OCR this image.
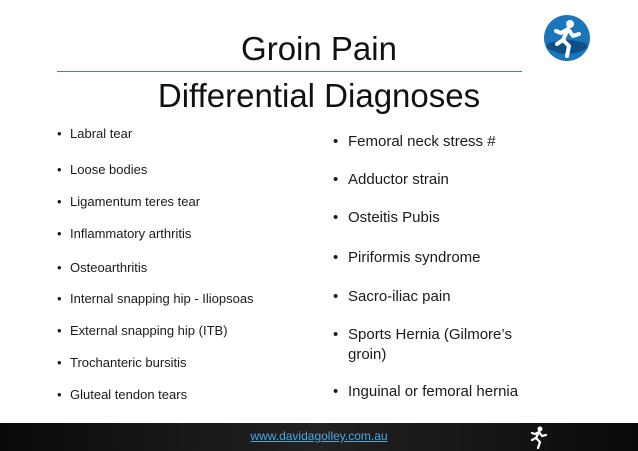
Groin Pain
Differential Diagnoses
• Labral tear
• Loose bodies
• Ligamentum teres tear
• Inflammatory arthritis
• Osteoarthritis
• Internal snapping hip - Iliopsoas
• External snapping hip (ITB)
• Trochanteric bursitis
• Gluteal tendon tears
• Femoral neck stress #
• Adductor strain
• Osteitis Pubis
• Piriformis syndrome
• Sacro-iliac pain
• Sports Hernia (Gilmore’s groin)
• Inguinal or femoral hernia
www.davidagolley.com.au
